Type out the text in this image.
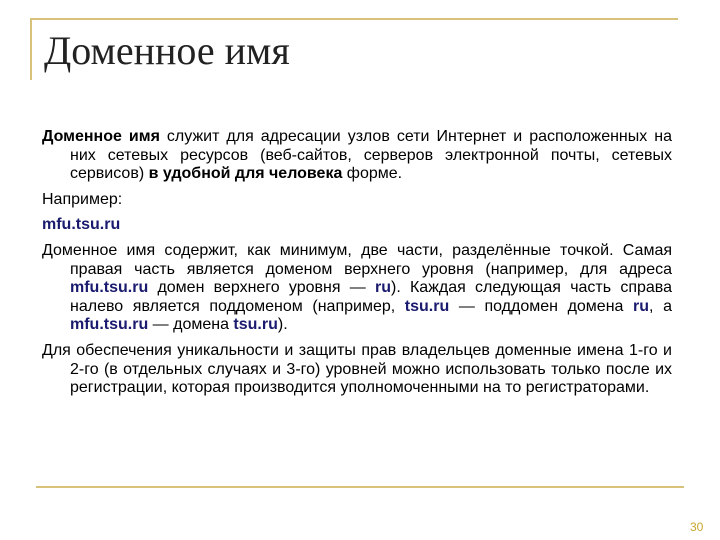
Доменное имя

Доменное имя служит для адресации узлов сети Интернет и расположенных на них сетевых ресурсов (веб-сайтов, серверов электронной почты, сетевых сервисов) в удобной для человека форме.

Например:

mfu.tsu.ru

Доменное имя содержит, как минимум, две части, разделённые точкой. Самая правая часть является доменом верхнего уровня (например, для адреса mfu.tsu.ru домен верхнего уровня — ru). Каждая следующая часть справа налево является поддоменом (например, tsu.ru — поддомен домена ru, а mfu.tsu.ru — домена tsu.ru).

Для обеспечения уникальности и защиты прав владельцев доменные имена 1-го и 2-го (в отдельных случаях и 3-го) уровней можно использовать только после их регистрации, которая производится уполномоченными на то регистраторами.

30
